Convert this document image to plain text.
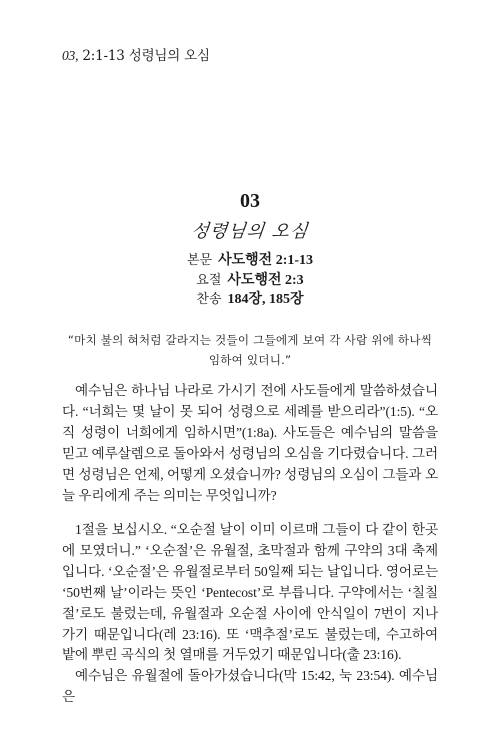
03, 2:1-13 성령님의 오심
03
성령님의 오심
본문 사도행전 2:1-13
요절 사도행전 2:3
찬송 184장, 185장
“마치 불의 혀처럼 갈라지는 것들이 그들에게 보여 각 사람 위에 하나씩 임하여 있더니.”

예수님은 하나님 나라로 가시기 전에 사도들에게 말씀하셨습니다. “너희는 몇 날이 못 되어 성령으로 세례를 받으리라”(1:5). “오직 성령이 너희에게 임하시면”(1:8a). 사도들은 예수님의 말씀을 믿고 예루살렘으로 돌아와서 성령님의 오심을 기다렸습니다. 그러면 성령님은 언제, 어떻게 오셨습니까? 성령님의 오심이 그들과 오늘 우리에게 주는 의미는 무엇입니까?

1절을 보십시오. “오순절 날이 이미 이르매 그들이 다 같이 한곳에 모였더니.” ‘오순절’은 유월절, 초막절과 함께 구약의 3대 축제입니다. ‘오순절’은 유월절로부터 50일째 되는 날입니다. 영어로는 ‘50번째 날’이라는 뜻인 ‘Pentecost’로 부릅니다. 구약에서는 ‘칠칠절’로도 불렀는데, 유월절과 오순절 사이에 안식일이 7번이 지나가기 때문입니다(레 23:16). 또 ‘맥추절’로도 불렀는데, 수고하여 밭에 뿌린 곡식의 첫 열매를 거두었기 때문입니다(출 23:16).

예수님은 유월절에 돌아가셨습니다(막 15:42, 눅 23:54). 예수님은
